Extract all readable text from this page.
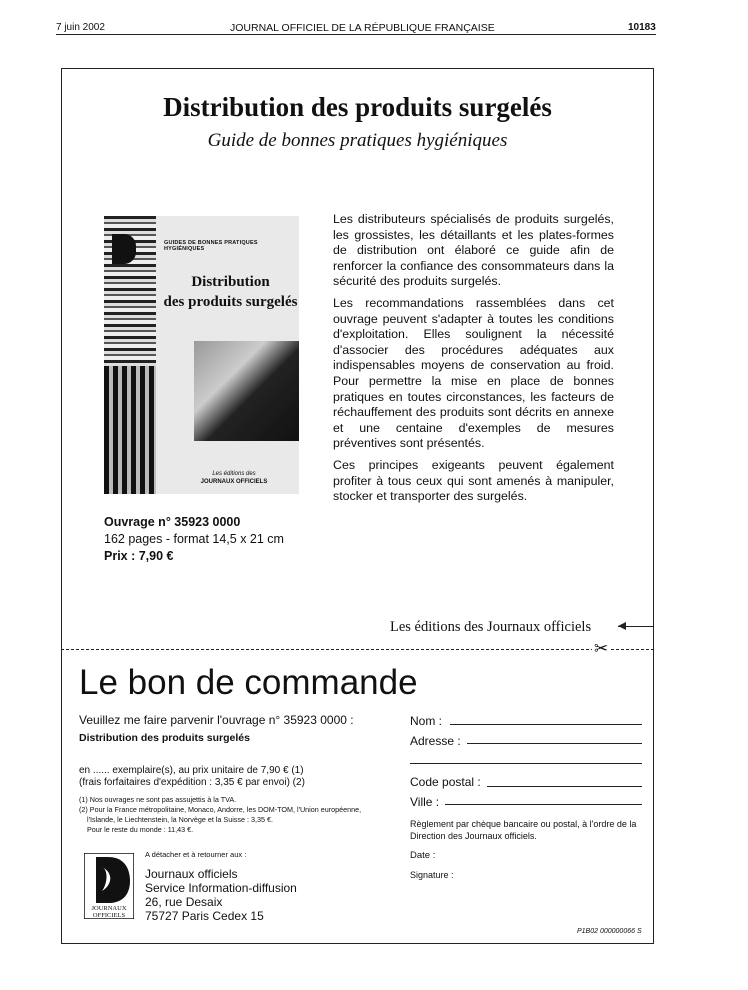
7 juin 2002	JOURNAL OFFICIEL DE LA RÉPUBLIQUE FRANÇAISE	10183
Distribution des produits surgelés
Guide de bonnes pratiques hygiéniques
GUIDES DE BONNES PRATIQUES HYGIÉNIQUES
Distribution
des produits surgelés
Les éditions des
JOURNAUX OFFICIELS

Les distributeurs spécialisés de produits surgelés, les grossistes, les détaillants et les plates-formes de distribution ont élaboré ce guide afin de renforcer la confiance des consommateurs dans la sécurité des produits surgelés.

Les recommandations rassemblées dans cet ouvrage peuvent s'adapter à toutes les conditions d'exploitation. Elles soulignent la nécessité d'associer des procédures adéquates aux indispensables moyens de conservation au froid. Pour permettre la mise en place de bonnes pratiques en toutes circonstances, les facteurs de réchauffement des produits sont décrits en annexe et une centaine d'exemples de mesures préventives sont présentés.

Ces principes exigeants peuvent également profiter à tous ceux qui sont amenés à manipuler, stocker et transporter des surgelés.

Ouvrage n° 35923 0000
162 pages - format 14,5 x 21 cm
Prix : 7,90 €
Les éditions des Journaux officiels
✂
Le bon de commande
Veuillez me faire parvenir l'ouvrage n° 35923 0000 :
Distribution des produits surgelés
en ...... exemplaire(s), au prix unitaire de 7,90 € (1)
(frais forfaitaires d'expédition : 3,35 € par envoi) (2)
(1) Nos ouvrages ne sont pas assujettis à la TVA.
(2) Pour la France métropolitaine, Monaco, Andorre, les DOM-TOM, l'Union européenne, l'Islande, le Liechtenstein, la Norvège et la Suisse : 3,35 €.
Pour le reste du monde : 11,43 €.
JOURNAUX
OFFICIELS
A détacher et à retourner aux :
Journaux officiels
Service Information-diffusion
26, rue Desaix
75727 Paris Cedex 15
Nom :
Adresse :
Code postal :
Ville :
Règlement par chèque bancaire ou postal, à l'ordre de la Direction des Journaux officiels.
Date :
Signature :
P1B02 000000066 S
